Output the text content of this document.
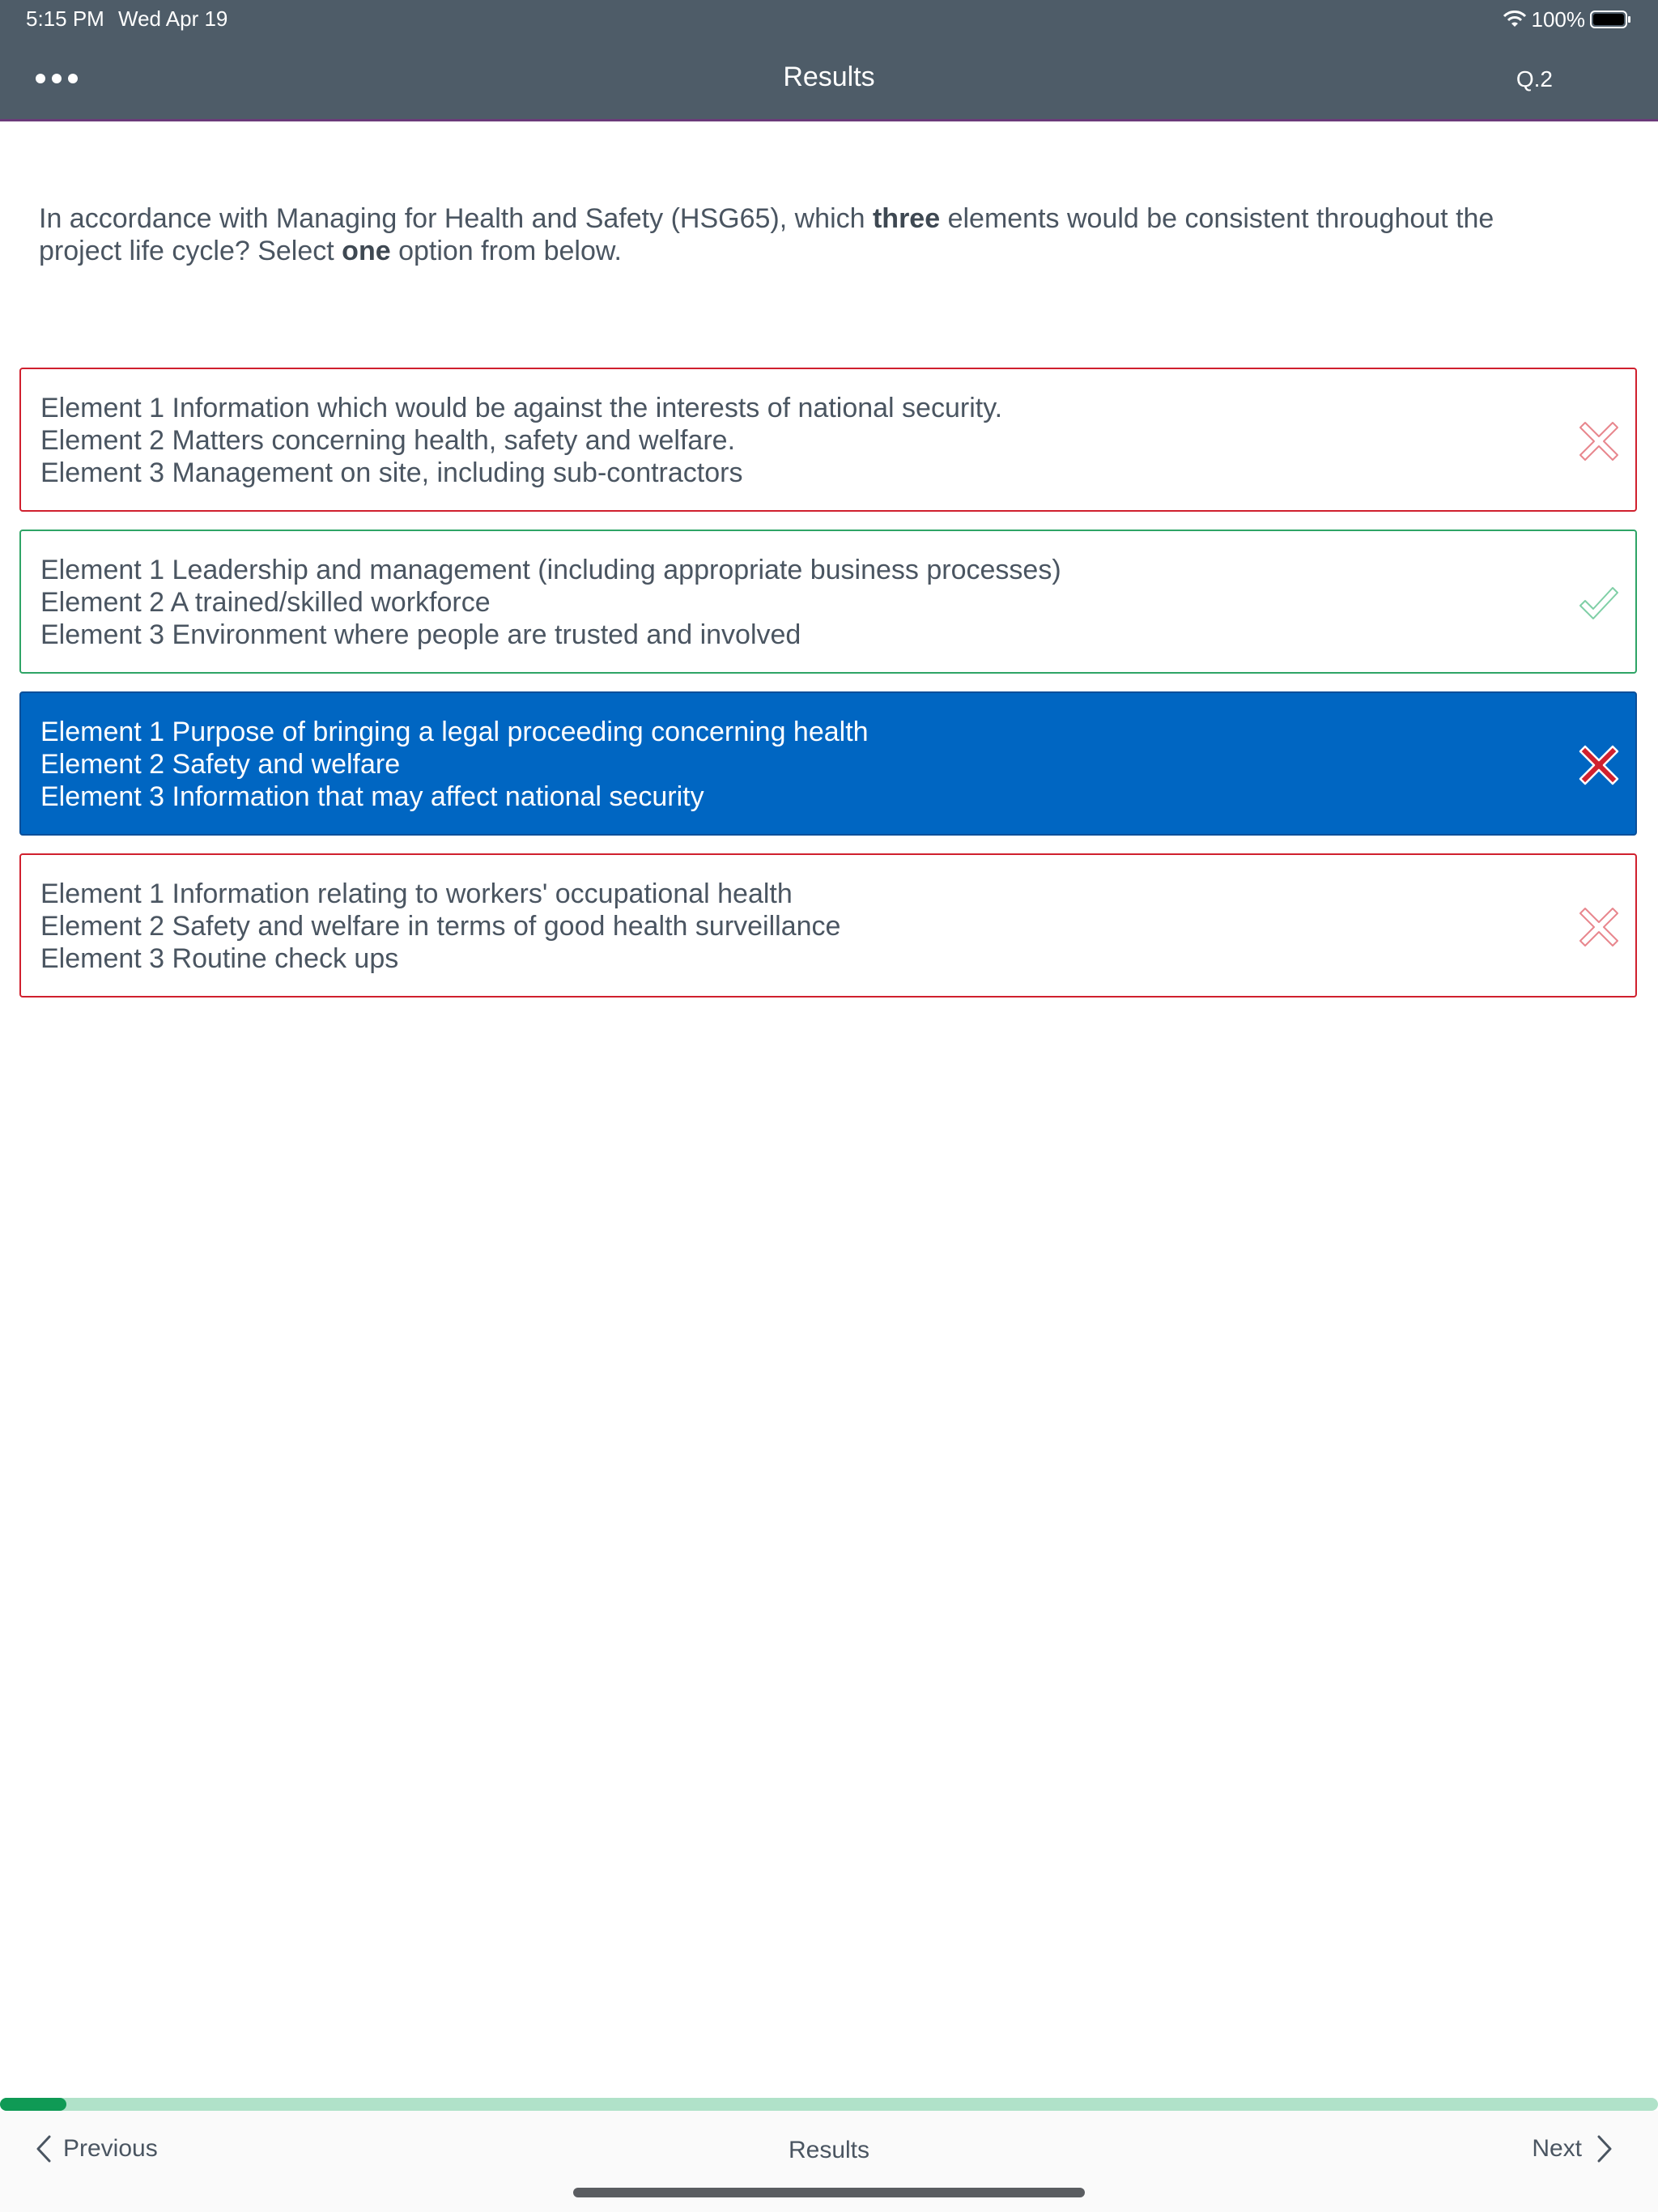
5:15 PM Wed Apr 19	100%
Results	Q.2
In accordance with Managing for Health and Safety (HSG65), which three elements would be consistent throughout the project life cycle? Select one option from below.
Element 1 Information which would be against the interests of national security.
Element 2 Matters concerning health, safety and welfare.
Element 3 Management on site, including sub-contractors
Element 1 Leadership and management (including appropriate business processes)
Element 2 A trained/skilled workforce
Element 3 Environment where people are trusted and involved
Element 1 Purpose of bringing a legal proceeding concerning health
Element 2 Safety and welfare
Element 3 Information that may affect national security
Element 1 Information relating to workers' occupational health
Element 2 Safety and welfare in terms of good health surveillance
Element 3 Routine check ups
Previous	Results	Next
